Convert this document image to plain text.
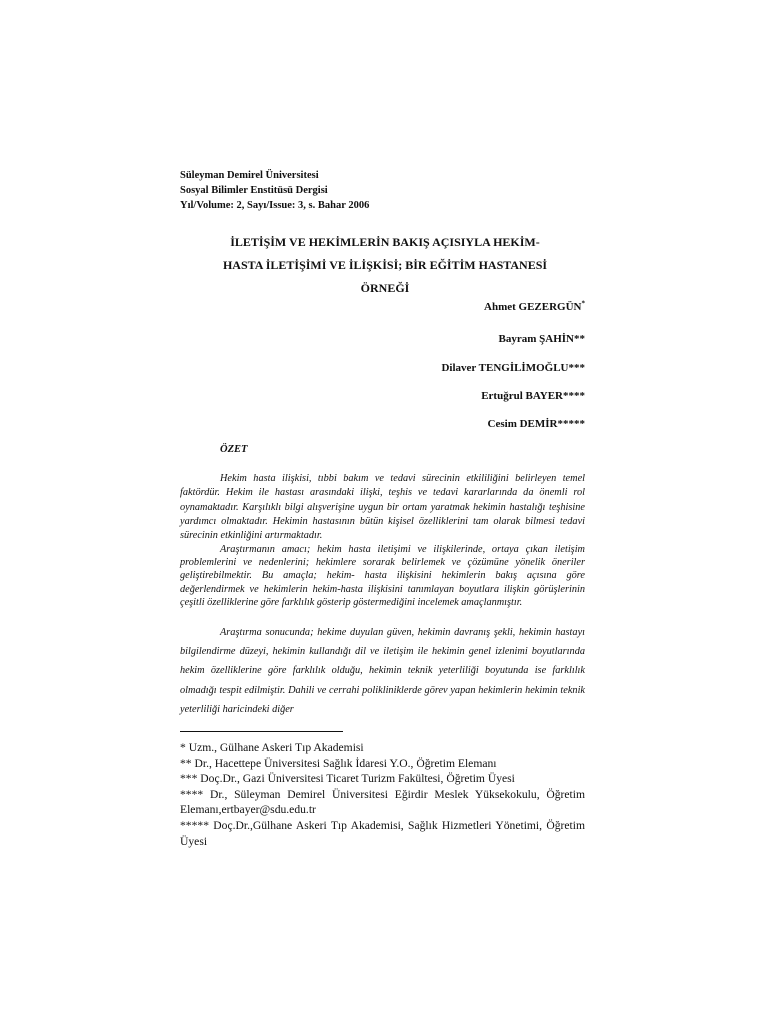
Süleyman Demirel Üniversitesi
Sosyal Bilimler Enstitüsü Dergisi
Yıl/Volume: 2, Sayı/Issue: 3, s. Bahar 2006
İLETİŞİM VE HEKİMLERİN BAKIŞ AÇISIYLA HEKİM-
HASTA İLETİŞİMİ VE İLİŞKİSİ; BİR EĞİTİM HASTANESİ
ÖRNEĞİ
Ahmet GEZERGÜN*
Bayram ŞAHİN**
Dilaver TENGİLİMOĞLU***
Ertuğrul BAYER****
Cesim DEMİR*****
ÖZET

Hekim hasta ilişkisi, tıbbi bakım ve tedavi sürecinin etkililiğini belirleyen temel faktördür. Hekim ile hastası arasındaki ilişki, teşhis ve tedavi kararlarında da önemli rol oynamaktadır. Karşılıklı bilgi alışverişine uygun bir ortam yaratmak hekimin hastalığı teşhisine yardımcı olmaktadır. Hekimin hastasının bütün kişisel özelliklerini tam olarak bilmesi tedavi sürecinin etkinliğini artırmaktadır.

Araştırmanın amacı; hekim hasta iletişimi ve ilişkilerinde, ortaya çıkan iletişim problemlerini ve nedenlerini; hekimlere sorarak belirlemek ve çözümüne yönelik öneriler geliştirebilmektir. Bu amaçla; hekim- hasta ilişkisini hekimlerin bakış açısına göre değerlendirmek ve hekimlerin hekim-hasta ilişkisini tanımlayan boyutlara ilişkin görüşlerinin çeşitli özelliklerine göre farklılık gösterip göstermediğini incelemek amaçlanmıştır.

Araştırma sonucunda; hekime duyulan güven, hekimin davranış şekli, hekimin hastayı bilgilendirme düzeyi, hekimin kullandığı dil ve iletişim ile hekimin genel izlenimi boyutlarında hekim özelliklerine göre farklılık olduğu, hekimin teknik yeterliliği boyutunda ise farklılık olmadığı tespit edilmiştir. Dahili ve cerrahi polikliniklerde görev yapan hekimlerin hekimin teknik yeterliliği haricindeki diğer

* Uzm., Gülhane Askeri Tıp Akademisi
** Dr., Hacettepe Üniversitesi Sağlık İdaresi Y.O., Öğretim Elemanı
*** Doç.Dr., Gazi Üniversitesi Ticaret Turizm Fakültesi, Öğretim Üyesi
**** Dr., Süleyman Demirel Üniversitesi Eğirdir Meslek Yüksekokulu, Öğretim Elemanı,ertbayer@sdu.edu.tr
***** Doç.Dr.,Gülhane Askeri Tıp Akademisi, Sağlık Hizmetleri Yönetimi, Öğretim Üyesi
